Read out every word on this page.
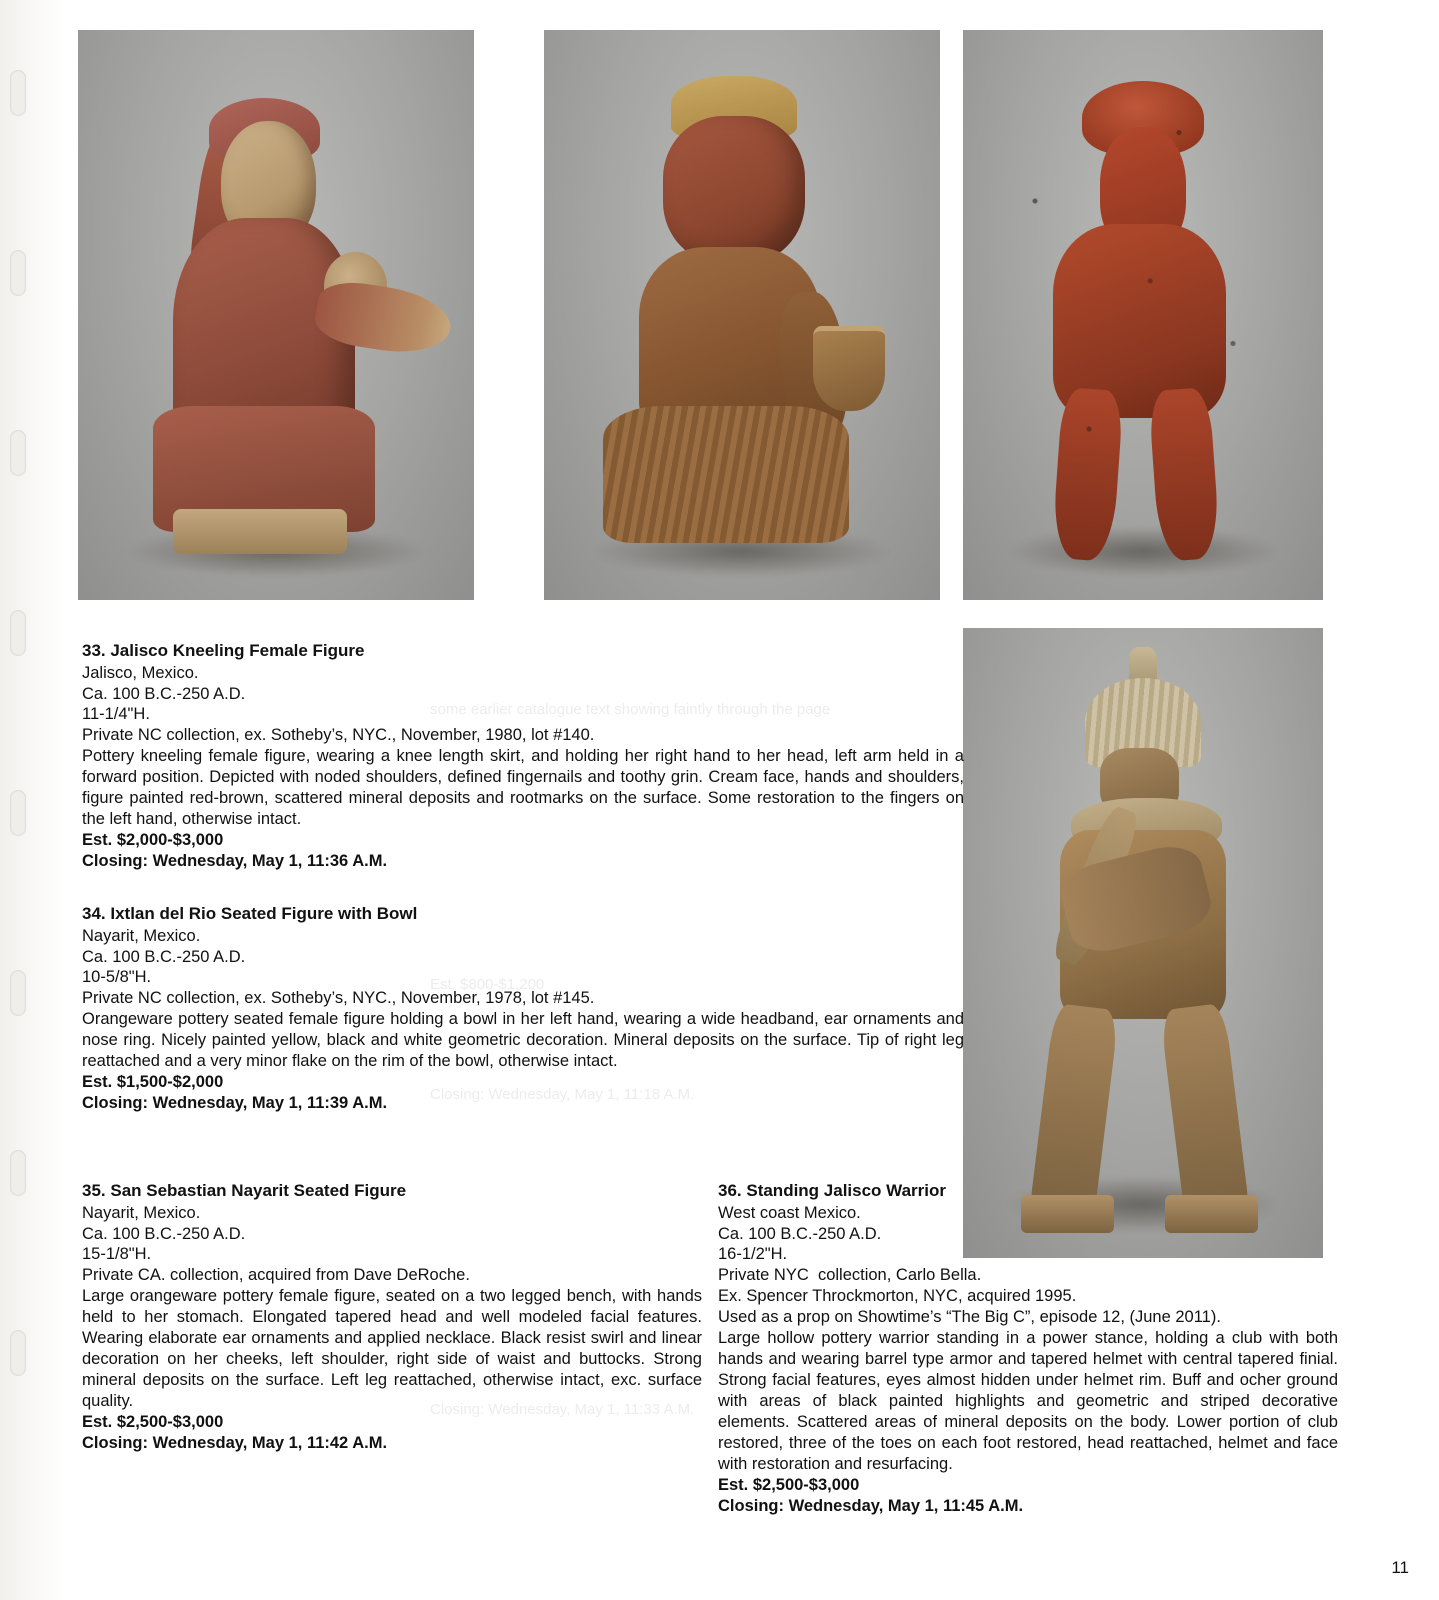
some earlier catalogue text showing faintly through the page
Est. $800-$1,200
Closing: Wednesday, May 1, 11:18 A.M.
Closing: Wednesday, May 1, 11:33 A.M.
33. Jalisco Kneeling Female Figure
Jalisco, Mexico.
Ca. 100 B.C.-250 A.D.
11-1/4"H.
Private NC collection, ex. Sotheby’s, NYC., November, 1980, lot #140.
Pottery kneeling female figure, wearing a knee length skirt, and holding her right hand to her head, left arm held in a forward position. Depicted with noded shoulders, defined fingernails and toothy grin. Cream face, hands and shoulders, figure painted red-brown, scattered mineral deposits and rootmarks on the surface. Some restoration to the fingers on the left hand, otherwise intact.
Est. $2,000-$3,000
Closing: Wednesday, May 1, 11:36 A.M.
34. Ixtlan del Rio Seated Figure with Bowl
Nayarit, Mexico.
Ca. 100 B.C.-250 A.D.
10-5/8"H.
Private NC collection, ex. Sotheby’s, NYC., November, 1978, lot #145.
Orangeware pottery seated female figure holding a bowl in her left hand, wearing a wide headband, ear ornaments and nose ring. Nicely painted yellow, black and white geometric decoration. Mineral deposits on the surface. Tip of right leg reattached and a very minor flake on the rim of the bowl, otherwise intact.
Est. $1,500-$2,000
Closing: Wednesday, May 1, 11:39 A.M.
35. San Sebastian Nayarit Seated Figure
Nayarit, Mexico.
Ca. 100 B.C.-250 A.D.
15-1/8"H.
Private CA. collection, acquired from Dave DeRoche.
Large orangeware pottery female figure, seated on a two legged bench, with hands held to her stomach. Elongated tapered head and well modeled facial features. Wearing elaborate ear ornaments and applied necklace. Black resist swirl and linear decoration on her cheeks, left shoulder, right side of waist and buttocks. Strong mineral deposits on the surface. Left leg reattached, otherwise intact, exc. surface quality.
Est. $2,500-$3,000
Closing: Wednesday, May 1, 11:42 A.M.
36. Standing Jalisco Warrior
West coast Mexico.
Ca. 100 B.C.-250 A.D.
16-1/2"H.
Private NYC  collection, Carlo Bella.
Ex. Spencer Throckmorton, NYC, acquired 1995.
Used as a prop on Showtime’s “The Big C”, episode 12, (June 2011).
Large hollow pottery warrior standing in a power stance, holding a club with both hands and wearing barrel type armor and tapered helmet with central tapered finial. Strong facial features, eyes almost hidden under helmet rim. Buff and ocher ground with areas of black painted highlights and geometric and striped decorative elements. Scattered areas of mineral deposits on the body. Lower portion of club restored, three of the toes on each foot restored, head reattached, helmet and face with restoration and resurfacing.
Est. $2,500-$3,000
Closing: Wednesday, May 1, 11:45 A.M.
11
